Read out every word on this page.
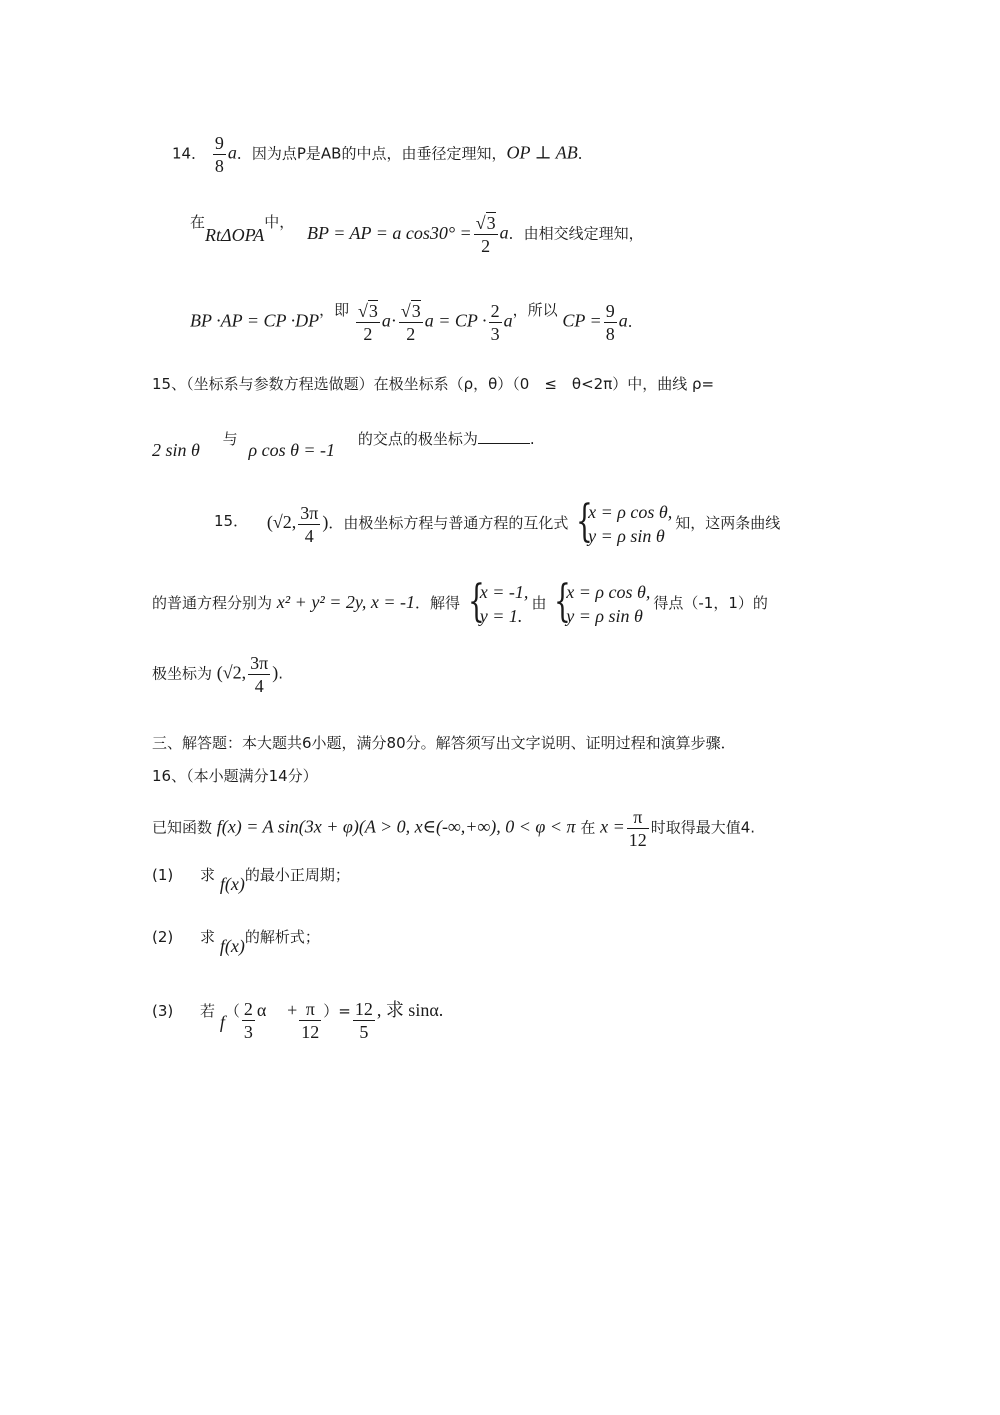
14． $\frac{9}{8}$ a．因为点P是AB的中点，由垂径定理知，OP ⊥ AB．
在RtΔOPA中， BP = AP = a $\cos 30^\circ = \frac{√3}{2}$ a．由相交线定理知，
BP ·AP = CP ·DP，即 $\frac{√3}{2} a\cdot \frac{√3}{2}$ a = CP · $\frac{2}{3}$ a，所以 CP = $\frac{9}{8}$ a．
15、（坐标系与参数方程选做题）在极坐标系（ρ，θ）（0　≤　θ<2π）中，曲线 ρ=
2 sin θ 与 ρ cos θ = -1 的交点的极坐标为	.
15． (√2, $\frac{3\pi}{4}$ )．由极坐标方程与普通方程的互化式 {
x = ρ cos θ,
y = ρ sin θ
知，这两条曲线
的普通方程分别为 x² + y² = 2y, x = -1．解得 {
x = -1,
y = 1.
由 {
x = ρ cos θ,
y = ρ sin θ
得点（-1，1）的
极坐标为 (√2, $\frac{3\pi}{4}$ ).
三、解答题：本大题共6小题，满分80分。解答须写出文字说明、证明过程和演算步骤．
16、（本小题满分14分）
已知函数 f(x) = A sin(3x + φ)(A > 0, x∈(-∞,+∞), 0 < φ < π 在 $x = \frac{\pi}{12}$ 时取得最大值4.
(1) 求 f(x)的最小正周期；
(2) 求 f(x)的解析式；
(3) 若 $f( \frac{2}{3}$ $\alpha + \frac{\pi}{12}$ ）= $\frac{12}{5}$ , 求 sinα.
